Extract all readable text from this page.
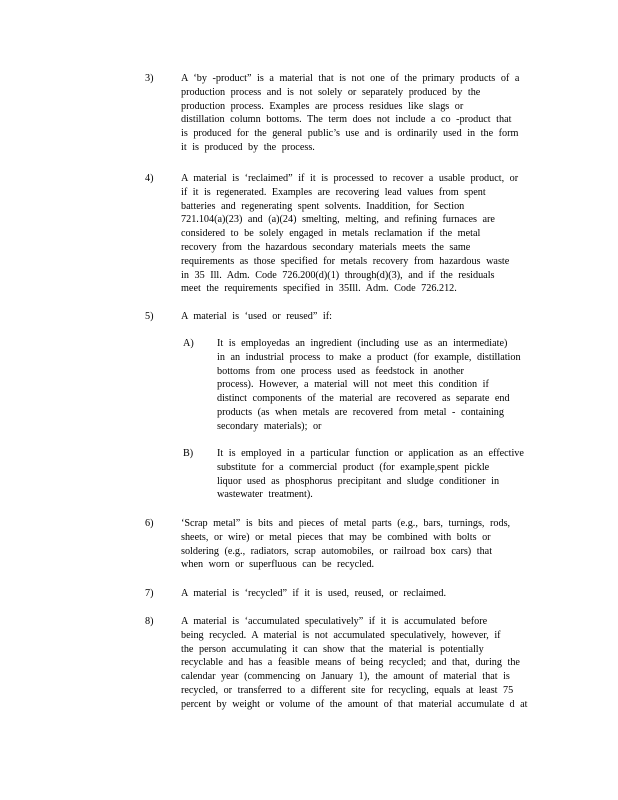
3)	A ‘by -product” is a material that is not one of the primary products of a
production process and is not solely or separately produced by the
production process. Examples are process residues like slags or
distillation column bottoms. The term does not include a co -product that
is produced for the general public’s use and is ordinarily used in the form
it is produced by the process.
4)	A material is ‘reclaimed” if it is processed to recover a usable product, or
if it is regenerated. Examples are recovering lead values from spent
batteries and regenerating spent solvents. Inaddition, for Section
721.104(a)(23) and (a)(24) smelting, melting, and refining furnaces are
considered to be solely engaged in metals reclamation if the metal
recovery from the hazardous secondary materials meets the same
requirements as those specified for metals recovery from hazardous waste
in 35 Ill. Adm. Code 726.200(d)(1) through(d)(3), and if the residuals
meet the requirements specified in 35Ill. Adm. Code 726.212.
5)	A material is ‘used or reused” if:
A)	It is employedas an ingredient (including use as an intermediate)
in an industrial process to make a product (for example, distillation
bottoms from one process used as feedstock in another
process). However, a material will not meet this condition if
distinct components of the material are recovered as separate end
products (as when metals are recovered from metal - containing
secondary materials); or
B)	It is employed in a particular function or application as an effective
substitute for a commercial product (for example,spent pickle
liquor used as phosphorus precipitant and sludge conditioner in
wastewater treatment).
6)	‘Scrap metal” is bits and pieces of metal parts (e.g., bars, turnings, rods,
sheets, or wire) or metal pieces that may be combined with bolts or
soldering (e.g., radiators, scrap automobiles, or railroad box cars) that
when worn or superfluous can be recycled.
7)	A material is ‘recycled” if it is used, reused, or reclaimed.
8)	A material is ‘accumulated speculatively” if it is accumulated before
being recycled. A material is not accumulated speculatively, however, if
the person accumulating it can show that the material is potentially
recyclable and has a feasible means of being recycled; and that, during the
calendar year (commencing on January 1), the amount of material that is
recycled, or transferred to a different site for recycling, equals at least 75
percent by weight or volume of the amount of that material accumulate d at
